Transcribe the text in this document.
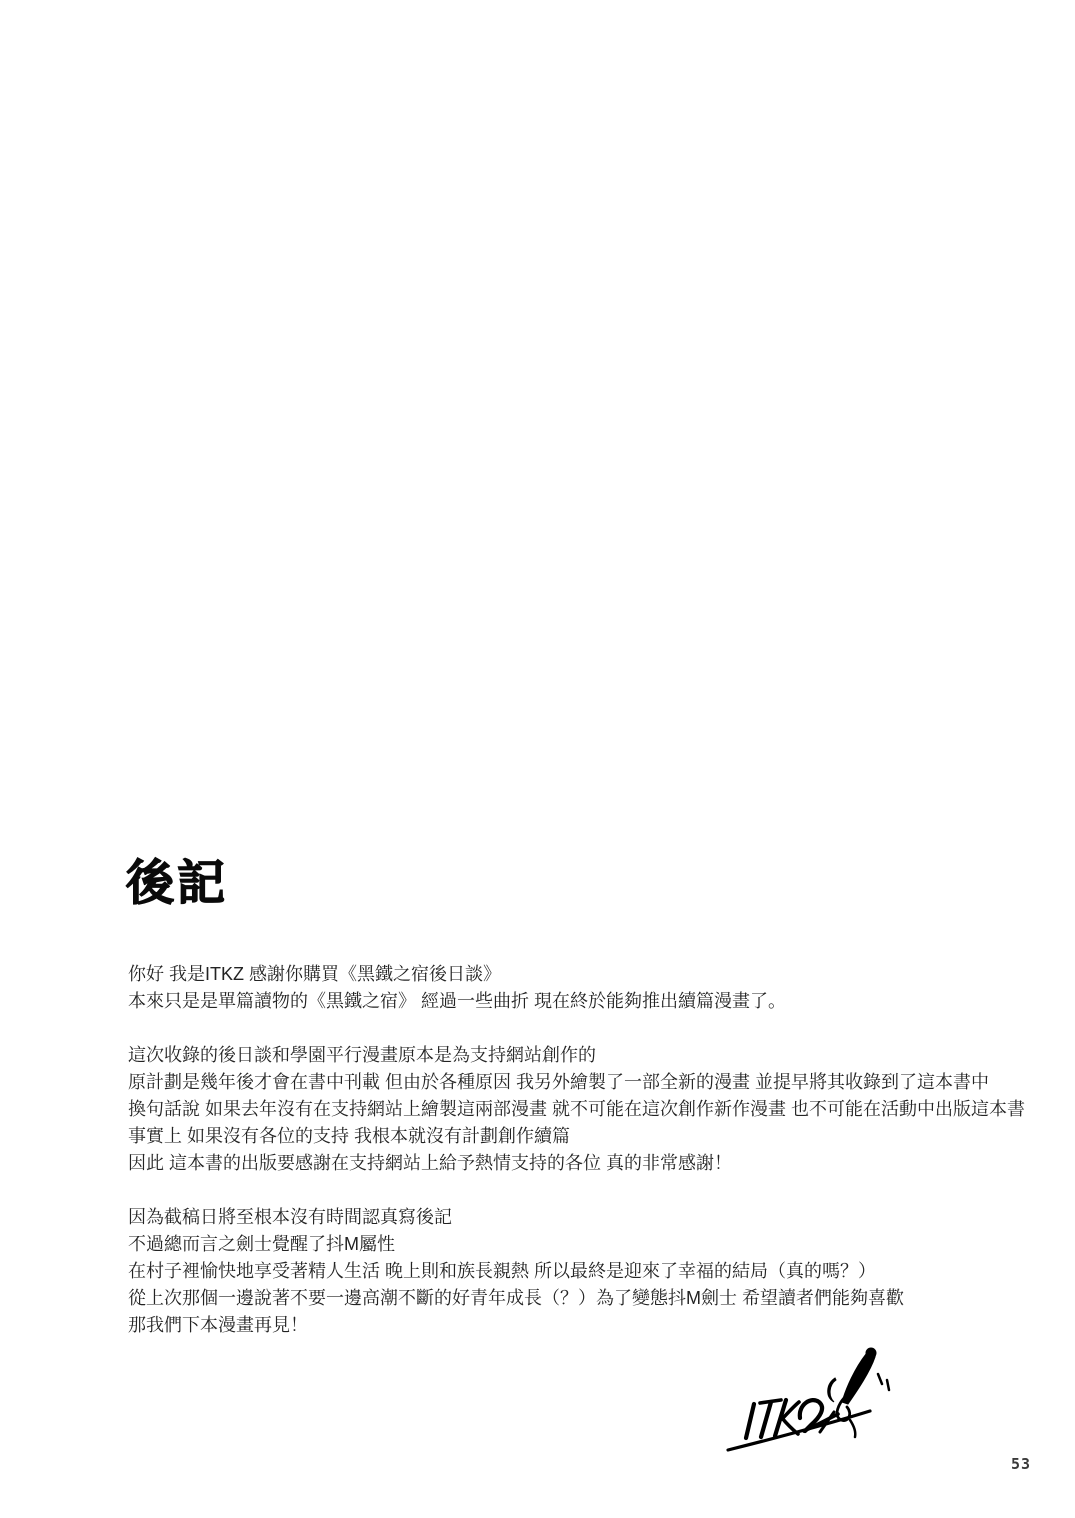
後記

你好 我是ITKZ 感謝你購買《黑鐵之宿後日談》
本來只是是單篇讀物的《黒鐵之宿》 經過一些曲折 現在終於能夠推出續篇漫畫了。

這次收錄的後日談和學園平行漫畫原本是為支持網站創作的
原計劃是幾年後才會在書中刊載 但由於各種原因 我另外繪製了一部全新的漫畫 並提早將其收錄到了這本書中
換句話說 如果去年沒有在支持網站上繪製這兩部漫畫 就不可能在這次創作新作漫畫 也不可能在活動中出版這本書
事實上 如果沒有各位的支持 我根本就沒有計劃創作續篇
因此 這本書的出版要感謝在支持網站上給予熱情支持的各位 真的非常感謝！

因為截稿日將至根本沒有時間認真寫後記
不過總而言之劍士覺醒了抖M屬性
在村子裡愉快地享受著精人生活 晚上則和族長親熱 所以最終是迎來了幸福的結局（真的嗎？）
從上次那個一邊說著不要一邊高潮不斷的好青年成長（？）為了變態抖M劍士 希望讀者們能夠喜歡
那我們下本漫畫再見！

53
